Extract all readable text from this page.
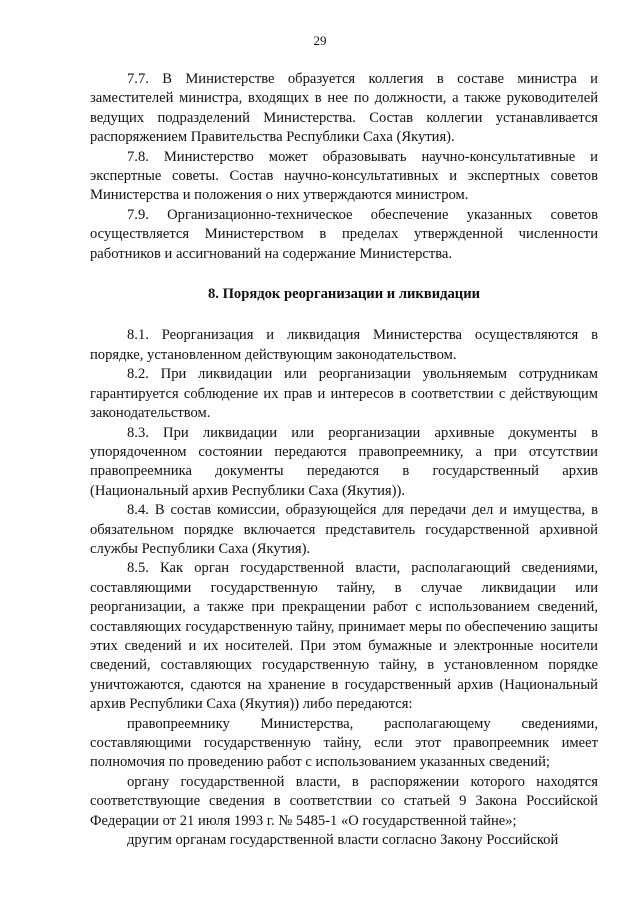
29

7.7. В Министерстве образуется коллегия в составе министра и заместителей министра, входящих в нее по должности, а также руководителей ведущих подразделений Министерства. Состав коллегии устанавливается распоряжением Правительства Республики Саха (Якутия).

7.8. Министерство может образовывать научно-консультативные и экспертные советы. Состав научно-консультативных и экспертных советов Министерства и положения о них утверждаются министром.

7.9. Организационно-техническое обеспечение указанных советов осуществляется Министерством в пределах утвержденной численности работников и ассигнований на содержание Министерства.

8. Порядок реорганизации и ликвидации

8.1. Реорганизация и ликвидация Министерства осуществляются в порядке, установленном действующим законодательством.

8.2. При ликвидации или реорганизации увольняемым сотрудникам гарантируется соблюдение их прав и интересов в соответствии с действующим законодательством.

8.3. При ликвидации или реорганизации архивные документы в упорядоченном состоянии передаются правопреемнику, а при отсутствии правопреемника документы передаются в государственный архив (Национальный архив Республики Саха (Якутия)).

8.4. В состав комиссии, образующейся для передачи дел и имущества, в обязательном порядке включается представитель государственной архивной службы Республики Саха (Якутия).

8.5. Как орган государственной власти, располагающий сведениями, составляющими государственную тайну, в случае ликвидации или реорганизации, а также при прекращении работ с использованием сведений, составляющих государственную тайну, принимает меры по обеспечению защиты этих сведений и их носителей. При этом бумажные и электронные носители сведений, составляющих государственную тайну, в установленном порядке уничтожаются, сдаются на хранение в государственный архив (Национальный архив Республики Саха (Якутия)) либо передаются:

правопреемнику Министерства, располагающему сведениями, составляющими государственную тайну, если этот правопреемник имеет полномочия по проведению работ с использованием указанных сведений;

органу государственной власти, в распоряжении которого находятся соответствующие сведения в соответствии со статьей 9 Закона Российской Федерации от 21 июля 1993 г. № 5485-1 «О государственной тайне»;

другим органам государственной власти согласно Закону Российской
